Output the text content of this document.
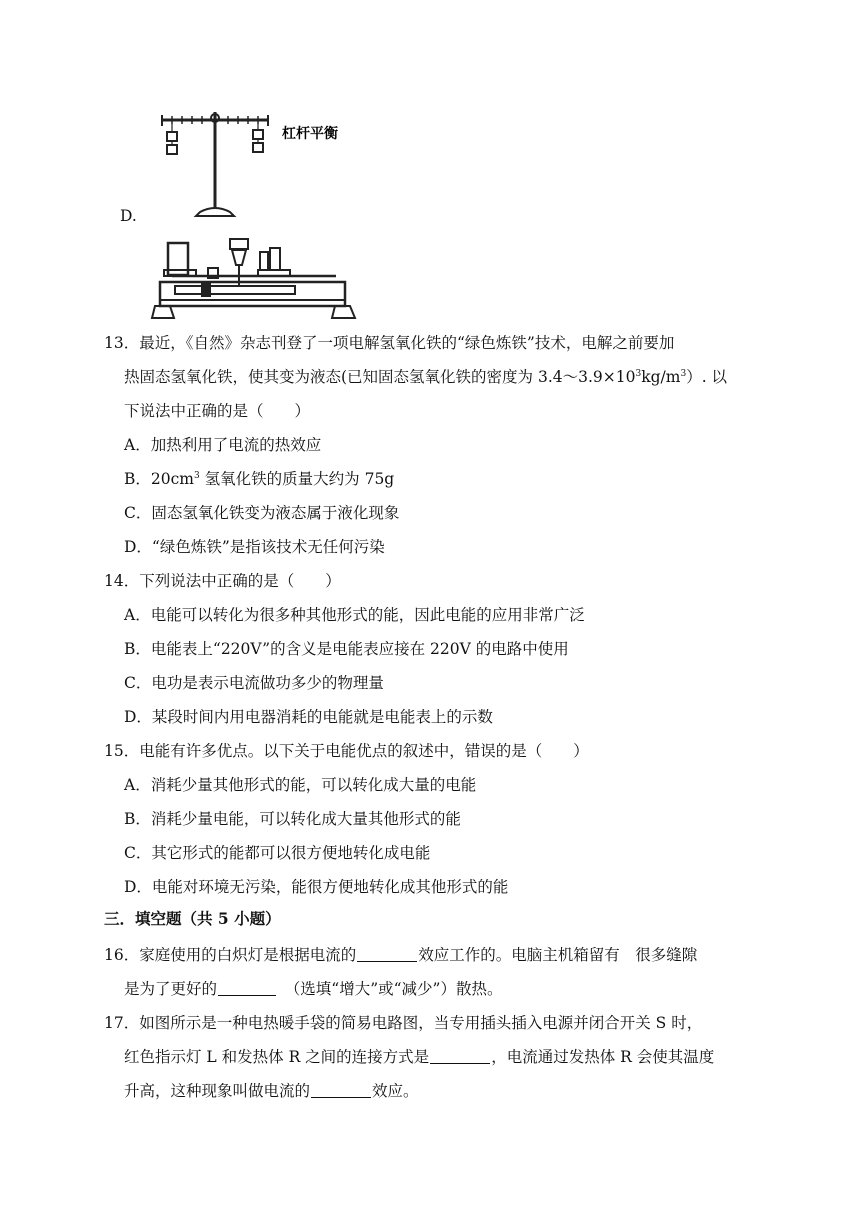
D.
杠杆平衡
13．最近，《自然》杂志刊登了一项电解氢氧化铁的“绿色炼铁”技术，电解之前要加
热固态氢氧化铁，使其变为液态(已知固态氢氧化铁的密度为 $3.4\sim 3.9\times 10^3kg/m^3$）. 以
下说法中正确的是（　　）
A．加热利用了电流的热效应
B．$20cm^3$ 氢氧化铁的质量大约为 75g
C．固态氢氧化铁变为液态属于液化现象
D．“绿色炼铁”是指该技术无任何污染
14．下列说法中正确的是（　　）
A．电能可以转化为很多种其他形式的能，因此电能的应用非常广泛
B．电能表上“220V”的含义是电能表应接在 220V 的电路中使用
C．电功是表示电流做功多少的物理量
D．某段时间内用电器消耗的电能就是电能表上的示数
15．电能有许多优点。以下关于电能优点的叙述中，错误的是（　　）
A．消耗少量其他形式的能，可以转化成大量的电能
B．消耗少量电能，可以转化成大量其他形式的能
C．其它形式的能都可以很方便地转化成电能
D．电能对环境无污染，能很方便地转化成其他形式的能
三．填空题（共 5 小题）
16．家庭使用的白炽灯是根据电流的	效应工作的。电脑主机箱留有　很多缝隙
是为了更好的　	（选填“增大”或“减少”）散热。
17．如图所示是一种电热暖手袋的简易电路图，当专用插头插入电源并闭合开关 S 时，
红色指示灯 L 和发热体 R 之间的连接方式是	，电流通过发热体 R 会使其温度
升高，这种现象叫做电流的	效应。
